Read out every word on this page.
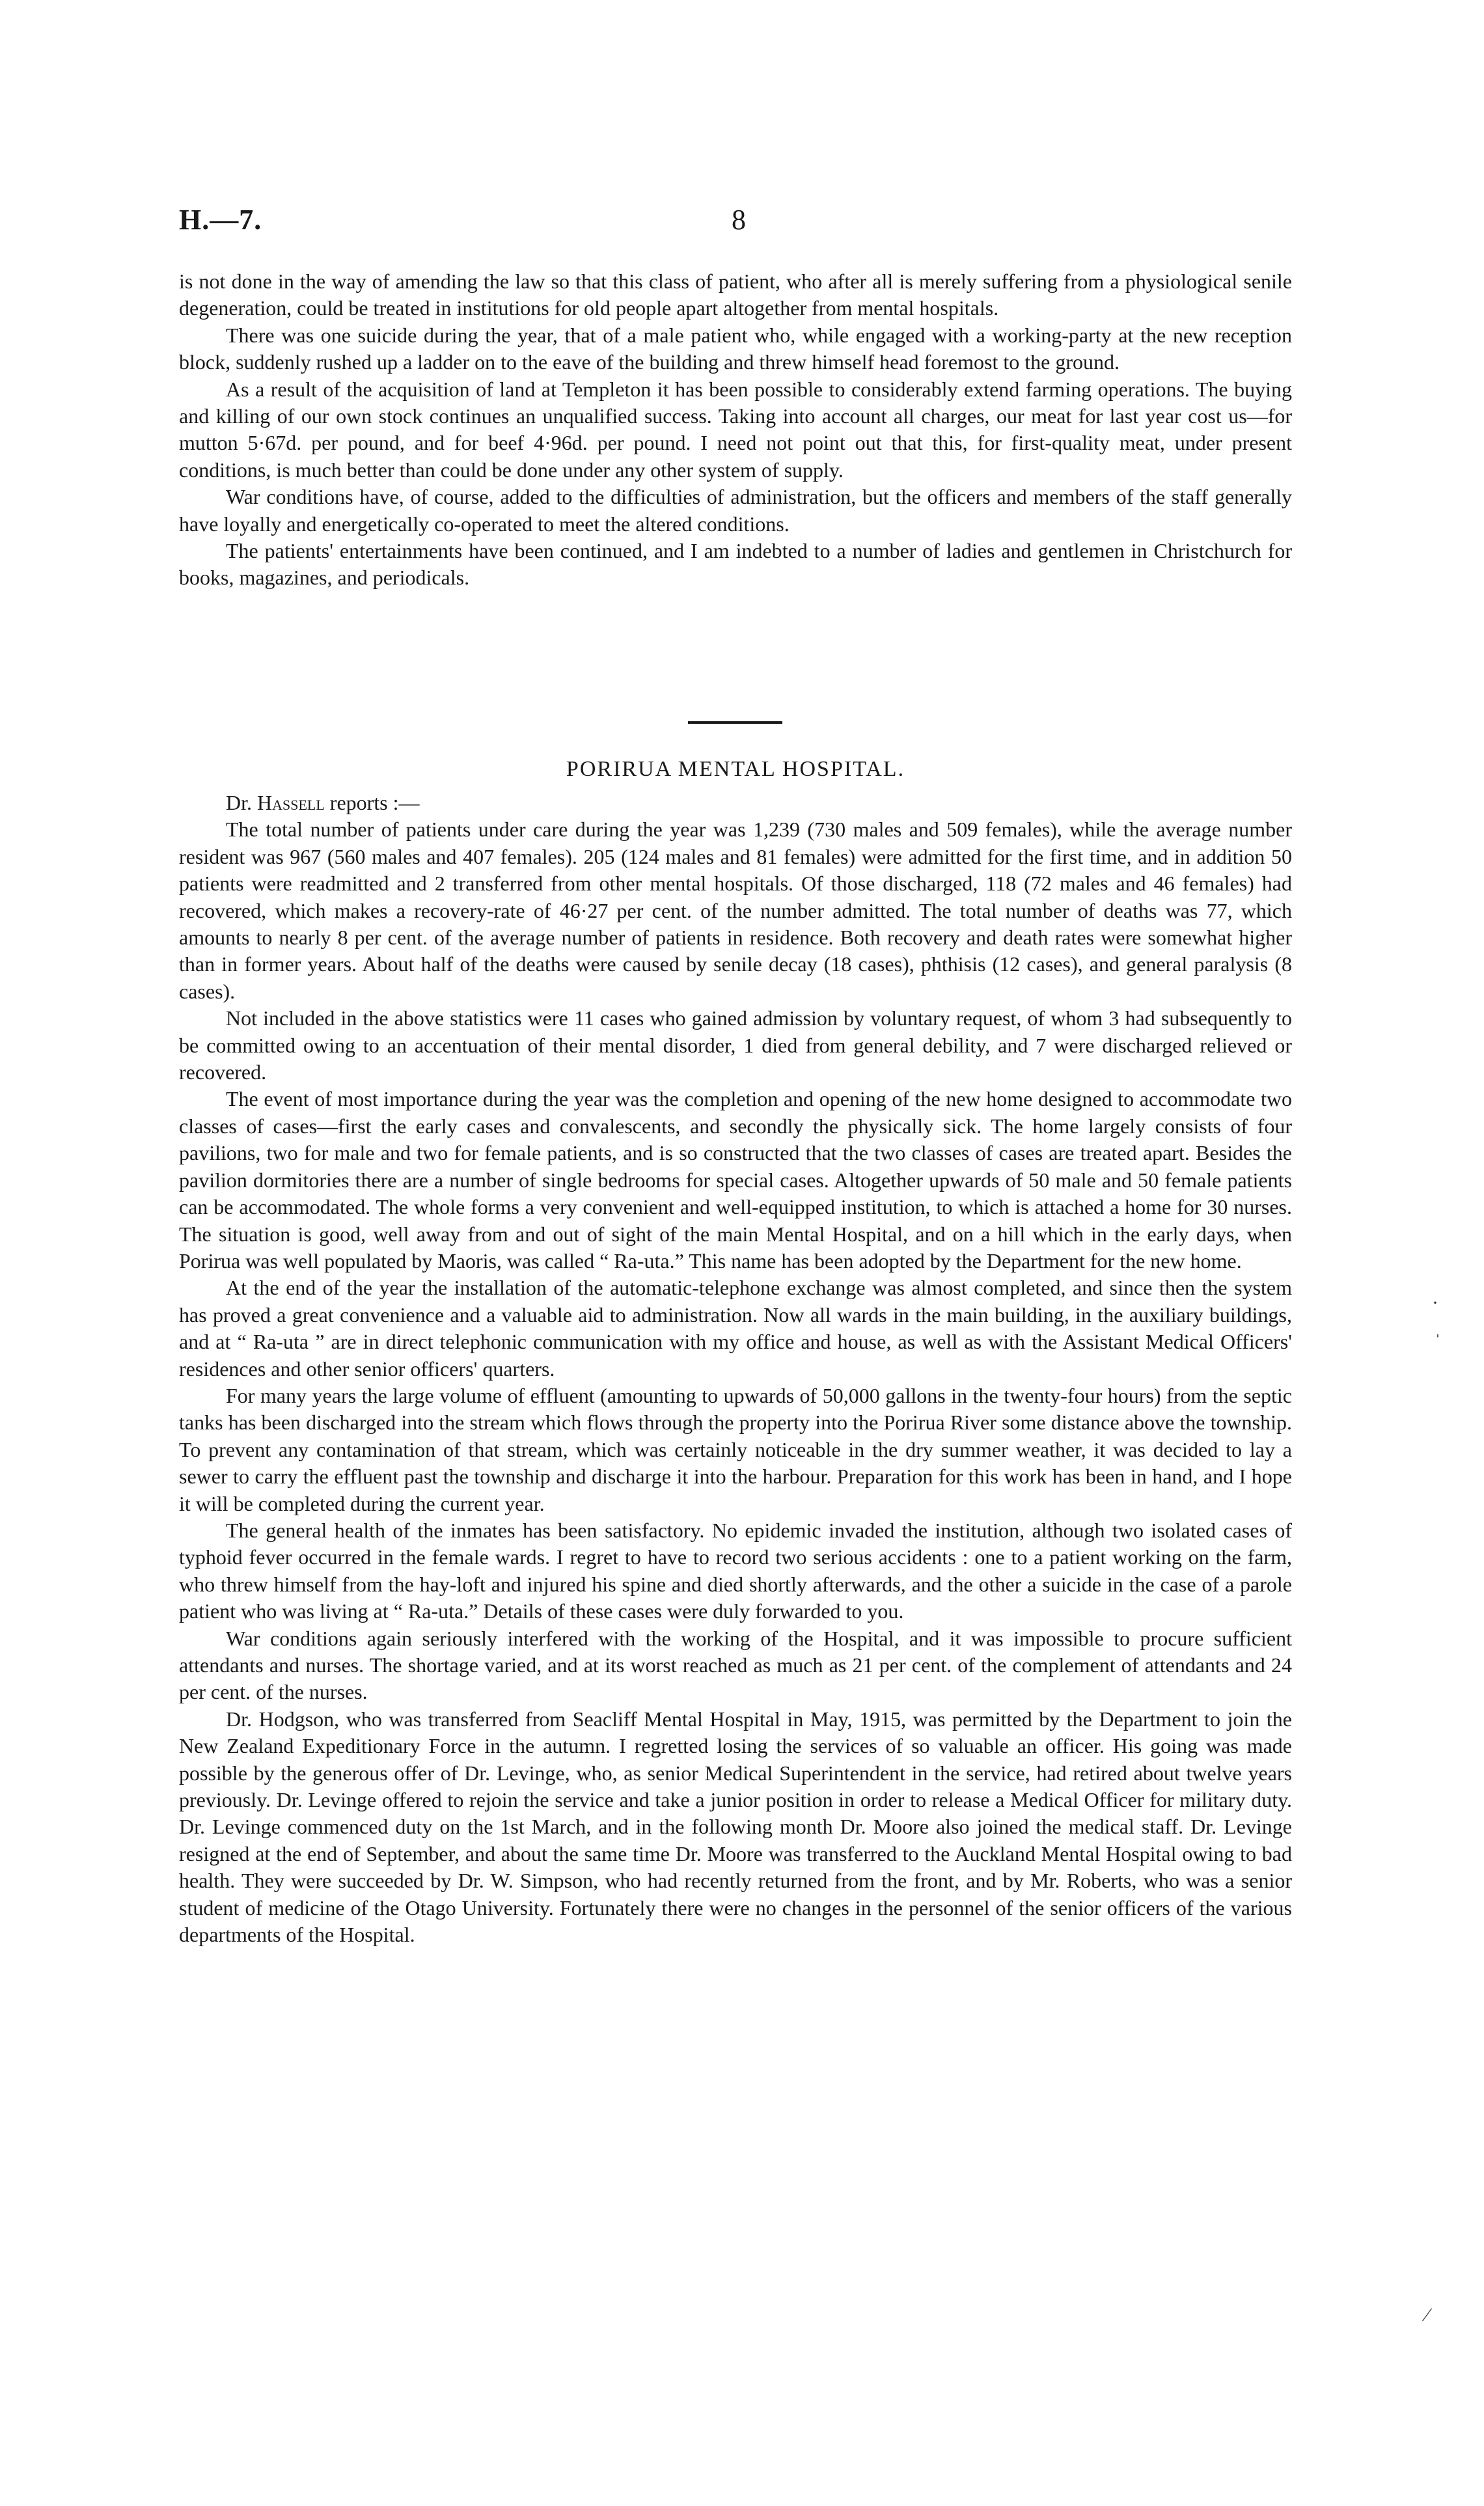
H.—7.	8

is not done in the way of amending the law so that this class of patient, who after all is merely suffering from a physiological senile degeneration, could be treated in institutions for old people apart altogether from mental hospitals.

There was one suicide during the year, that of a male patient who, while engaged with a working-party at the new reception block, suddenly rushed up a ladder on to the eave of the building and threw himself head foremost to the ground.

As a result of the acquisition of land at Templeton it has been possible to considerably extend farming operations. The buying and killing of our own stock continues an unqualified success. Taking into account all charges, our meat for last year cost us—for mutton 5·67d. per pound, and for beef 4·96d. per pound. I need not point out that this, for first-quality meat, under present conditions, is much better than could be done under any other system of supply.

War conditions have, of course, added to the difficulties of administration, but the officers and members of the staff generally have loyally and energetically co-operated to meet the altered conditions.

The patients' entertainments have been continued, and I am indebted to a number of ladies and gentlemen in Christchurch for books, magazines, and periodicals.

PORIRUA MENTAL HOSPITAL.

Dr. Hassell reports :—

The total number of patients under care during the year was 1,239 (730 males and 509 females), while the average number resident was 967 (560 males and 407 females). 205 (124 males and 81 females) were admitted for the first time, and in addition 50 patients were readmitted and 2 transferred from other mental hospitals. Of those discharged, 118 (72 males and 46 females) had recovered, which makes a recovery-rate of 46·27 per cent. of the number admitted. The total number of deaths was 77, which amounts to nearly 8 per cent. of the average number of patients in residence. Both recovery and death rates were somewhat higher than in former years. About half of the deaths were caused by senile decay (18 cases), phthisis (12 cases), and general paralysis (8 cases).

Not included in the above statistics were 11 cases who gained admission by voluntary request, of whom 3 had subsequently to be committed owing to an accentuation of their mental disorder, 1 died from general debility, and 7 were discharged relieved or recovered.

The event of most importance during the year was the completion and opening of the new home designed to accommodate two classes of cases—first the early cases and convalescents, and secondly the physically sick. The home largely consists of four pavilions, two for male and two for female patients, and is so constructed that the two classes of cases are treated apart. Besides the pavilion dormitories there are a number of single bedrooms for special cases. Altogether upwards of 50 male and 50 female patients can be accommodated. The whole forms a very convenient and well-equipped institution, to which is attached a home for 30 nurses. The situation is good, well away from and out of sight of the main Mental Hospital, and on a hill which in the early days, when Porirua was well populated by Maoris, was called “ Ra-uta.” This name has been adopted by the Department for the new home.

At the end of the year the installation of the automatic-telephone exchange was almost completed, and since then the system has proved a great convenience and a valuable aid to administration. Now all wards in the main building, in the auxiliary buildings, and at “ Ra-uta ” are in direct telephonic communication with my office and house, as well as with the Assistant Medical Officers' residences and other senior officers' quarters.

For many years the large volume of effluent (amounting to upwards of 50,000 gallons in the twenty-four hours) from the septic tanks has been discharged into the stream which flows through the property into the Porirua River some distance above the township. To prevent any contamination of that stream, which was certainly noticeable in the dry summer weather, it was decided to lay a sewer to carry the effluent past the township and discharge it into the harbour. Preparation for this work has been in hand, and I hope it will be completed during the current year.

The general health of the inmates has been satisfactory. No epidemic invaded the institution, although two isolated cases of typhoid fever occurred in the female wards. I regret to have to record two serious accidents : one to a patient working on the farm, who threw himself from the hay-loft and injured his spine and died shortly afterwards, and the other a suicide in the case of a parole patient who was living at “ Ra-uta.” Details of these cases were duly forwarded to you.

War conditions again seriously interfered with the working of the Hospital, and it was impossible to procure sufficient attendants and nurses. The shortage varied, and at its worst reached as much as 21 per cent. of the complement of attendants and 24 per cent. of the nurses.

Dr. Hodgson, who was transferred from Seacliff Mental Hospital in May, 1915, was permitted by the Department to join the New Zealand Expeditionary Force in the autumn. I regretted losing the services of so valuable an officer. His going was made possible by the generous offer of Dr. Levinge, who, as senior Medical Superintendent in the service, had retired about twelve years previously. Dr. Levinge offered to rejoin the service and take a junior position in order to release a Medical Officer for military duty. Dr. Levinge commenced duty on the 1st March, and in the following month Dr. Moore also joined the medical staff. Dr. Levinge resigned at the end of September, and about the same time Dr. Moore was transferred to the Auckland Mental Hospital owing to bad health. They were succeeded by Dr. W. Simpson, who had recently returned from the front, and by Mr. Roberts, who was a senior student of medicine of the Otago University. Fortunately there were no changes in the personnel of the senior officers of the various departments of the Hospital.

·
ˌ
⁄
